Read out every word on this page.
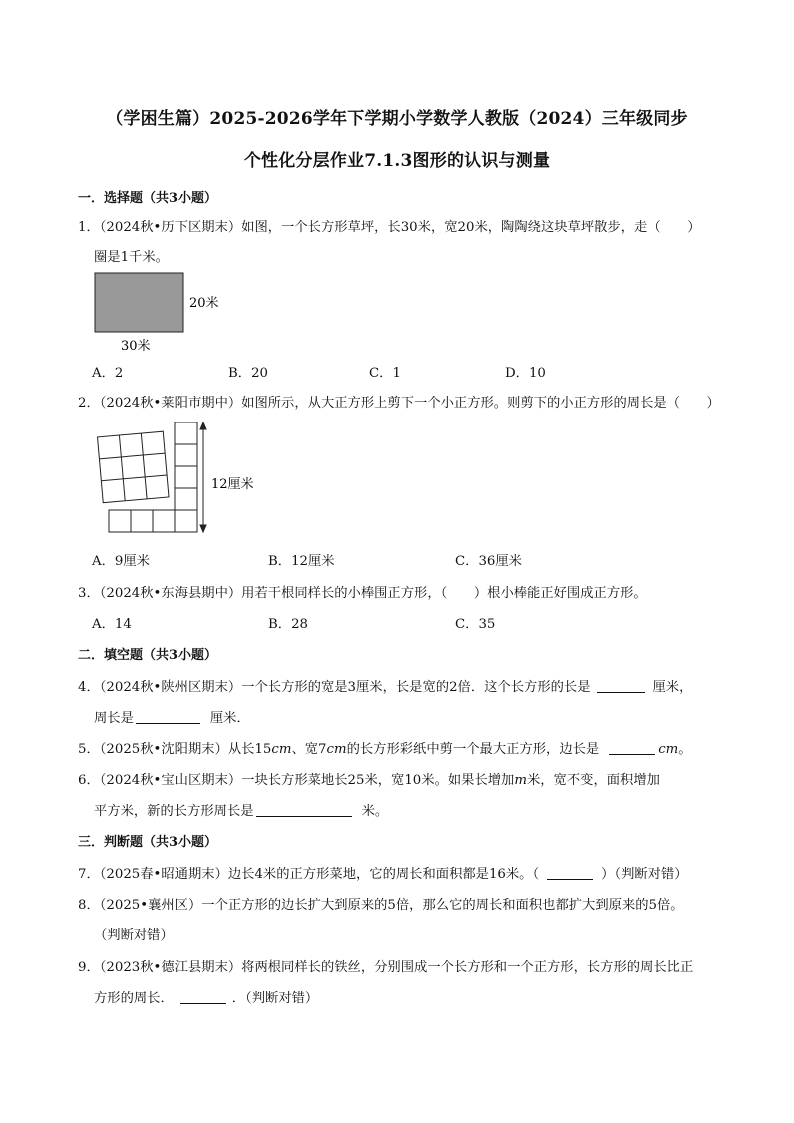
（学困生篇）2025-2026学年下学期小学数学人教版（2024）三年级同步
个性化分层作业7.1.3图形的认识与测量
一．选择题（共3小题）
1．（2024秋•历下区期末）如图，一个长方形草坪，长30米，宽20米，陶陶绕这块草坪散步，走（　　）
圈是1千米。
20米
30米
A．2	B．20	C．1	D．10
2．（2024秋•莱阳市期中）如图所示，从大正方形上剪下一个小正方形。则剪下的小正方形的周长是（　　）
12厘米
A．9厘米	B．12厘米	C．36厘米
3．（2024秋•东海县期中）用若干根同样长的小棒围正方形，（　　）根小棒能正好围成正方形。
A．14	B．28	C．35
二．填空题（共3小题）
4．（2024秋•陕州区期末）一个长方形的宽是3厘米，长是宽的2倍．这个长方形的长是	厘米，
周长是	厘米．
5．（2025秋•沈阳期末）从长15cm、宽7cm的长方形彩纸中剪一个最大正方形，边长是	cm。
6．（2024秋•宝山区期末）一块长方形菜地长25米，宽10米。如果长增加m米，宽不变，面积增加
平方米，新的长方形周长是	米。
三．判断题（共3小题）
7．（2025春•昭通期末）边长4米的正方形菜地，它的周长和面积都是16米。（	）（判断对错）
8．（2025•襄州区）一个正方形的边长扩大到原来的5倍，那么它的周长和面积也都扩大到原来的5倍。
（判断对错）
9．（2023秋•德江县期末）将两根同样长的铁丝，分别围成一个长方形和一个正方形，长方形的周长比正
方形的周长．	．（判断对错）
